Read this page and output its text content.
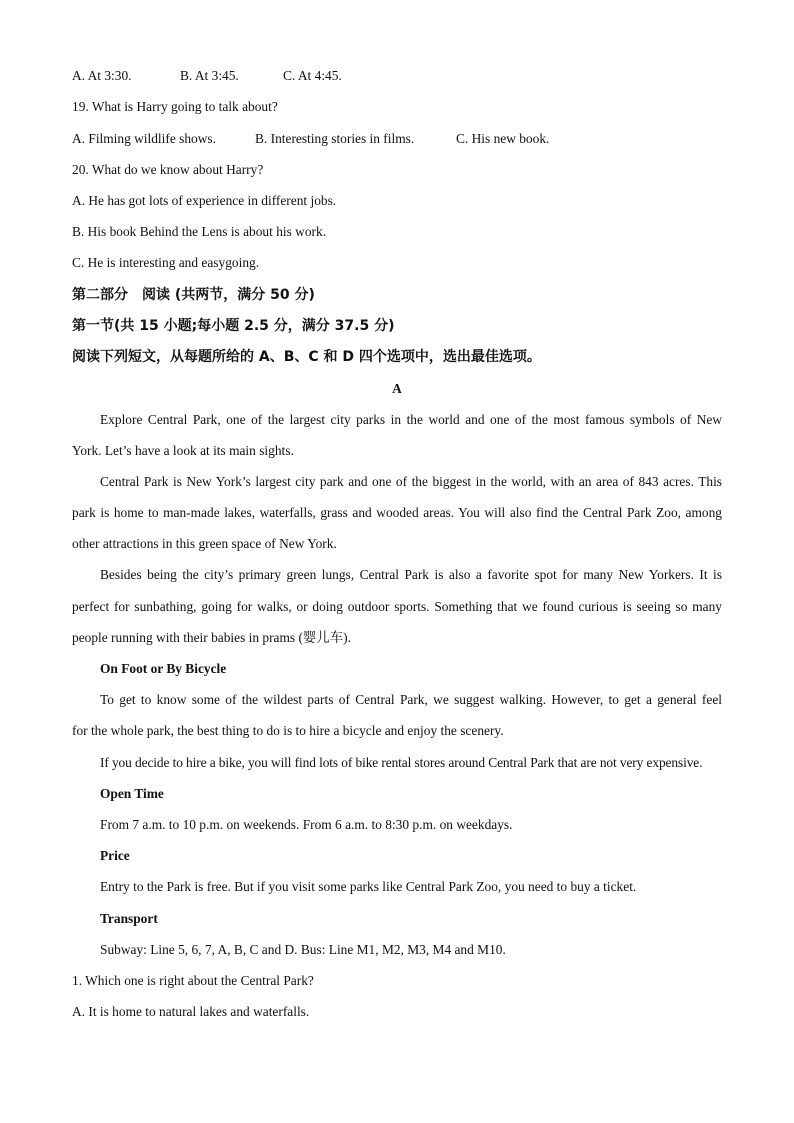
A. At 3:30.	B. At 3:45.	C. At 4:45.
19. What is Harry going to talk about?
A. Filming wildlife shows.	B. Interesting stories in films.	C. His new book.
20. What do we know about Harry?
A. He has got lots of experience in different jobs.
B. His book Behind the Lens is about his work.
C. He is interesting and easygoing.
第二部分　阅读 (共两节，满分 50 分)
第一节(共 15 小题;每小题 2.5 分，满分 37.5 分)
阅读下列短文，从每题所给的 A、B、C 和 D 四个选项中，选出最佳选项。
A
Explore Central Park, one of the largest city parks in the world and one of the most famous symbols of New
York. Let’s have a look at its main sights.
Central Park is New York’s largest city park and one of the biggest in the world, with an area of 843 acres. This
park is home to man-made lakes, waterfalls, grass and wooded areas. You will also find the Central Park Zoo, among
other attractions in this green space of New York.
Besides being the city’s primary green lungs, Central Park is also a favorite spot for many New Yorkers. It is
perfect for sunbathing, going for walks, or doing outdoor sports. Something that we found curious is seeing so many
people running with their babies in prams (婴儿车).
On Foot or By Bicycle
To get to know some of the wildest parts of Central Park, we suggest walking. However, to get a general feel
for the whole park, the best thing to do is to hire a bicycle and enjoy the scenery.
If you decide to hire a bike, you will find lots of bike rental stores around Central Park that are not very expensive.
Open Time
From 7 a.m. to 10 p.m. on weekends. From 6 a.m. to 8:30 p.m. on weekdays.
Price
Entry to the Park is free. But if you visit some parks like Central Park Zoo, you need to buy a ticket.
Transport
Subway: Line 5, 6, 7, A, B, C and D. Bus: Line M1, M2, M3, M4 and M10.
1. Which one is right about the Central Park?
A. It is home to natural lakes and waterfalls.
